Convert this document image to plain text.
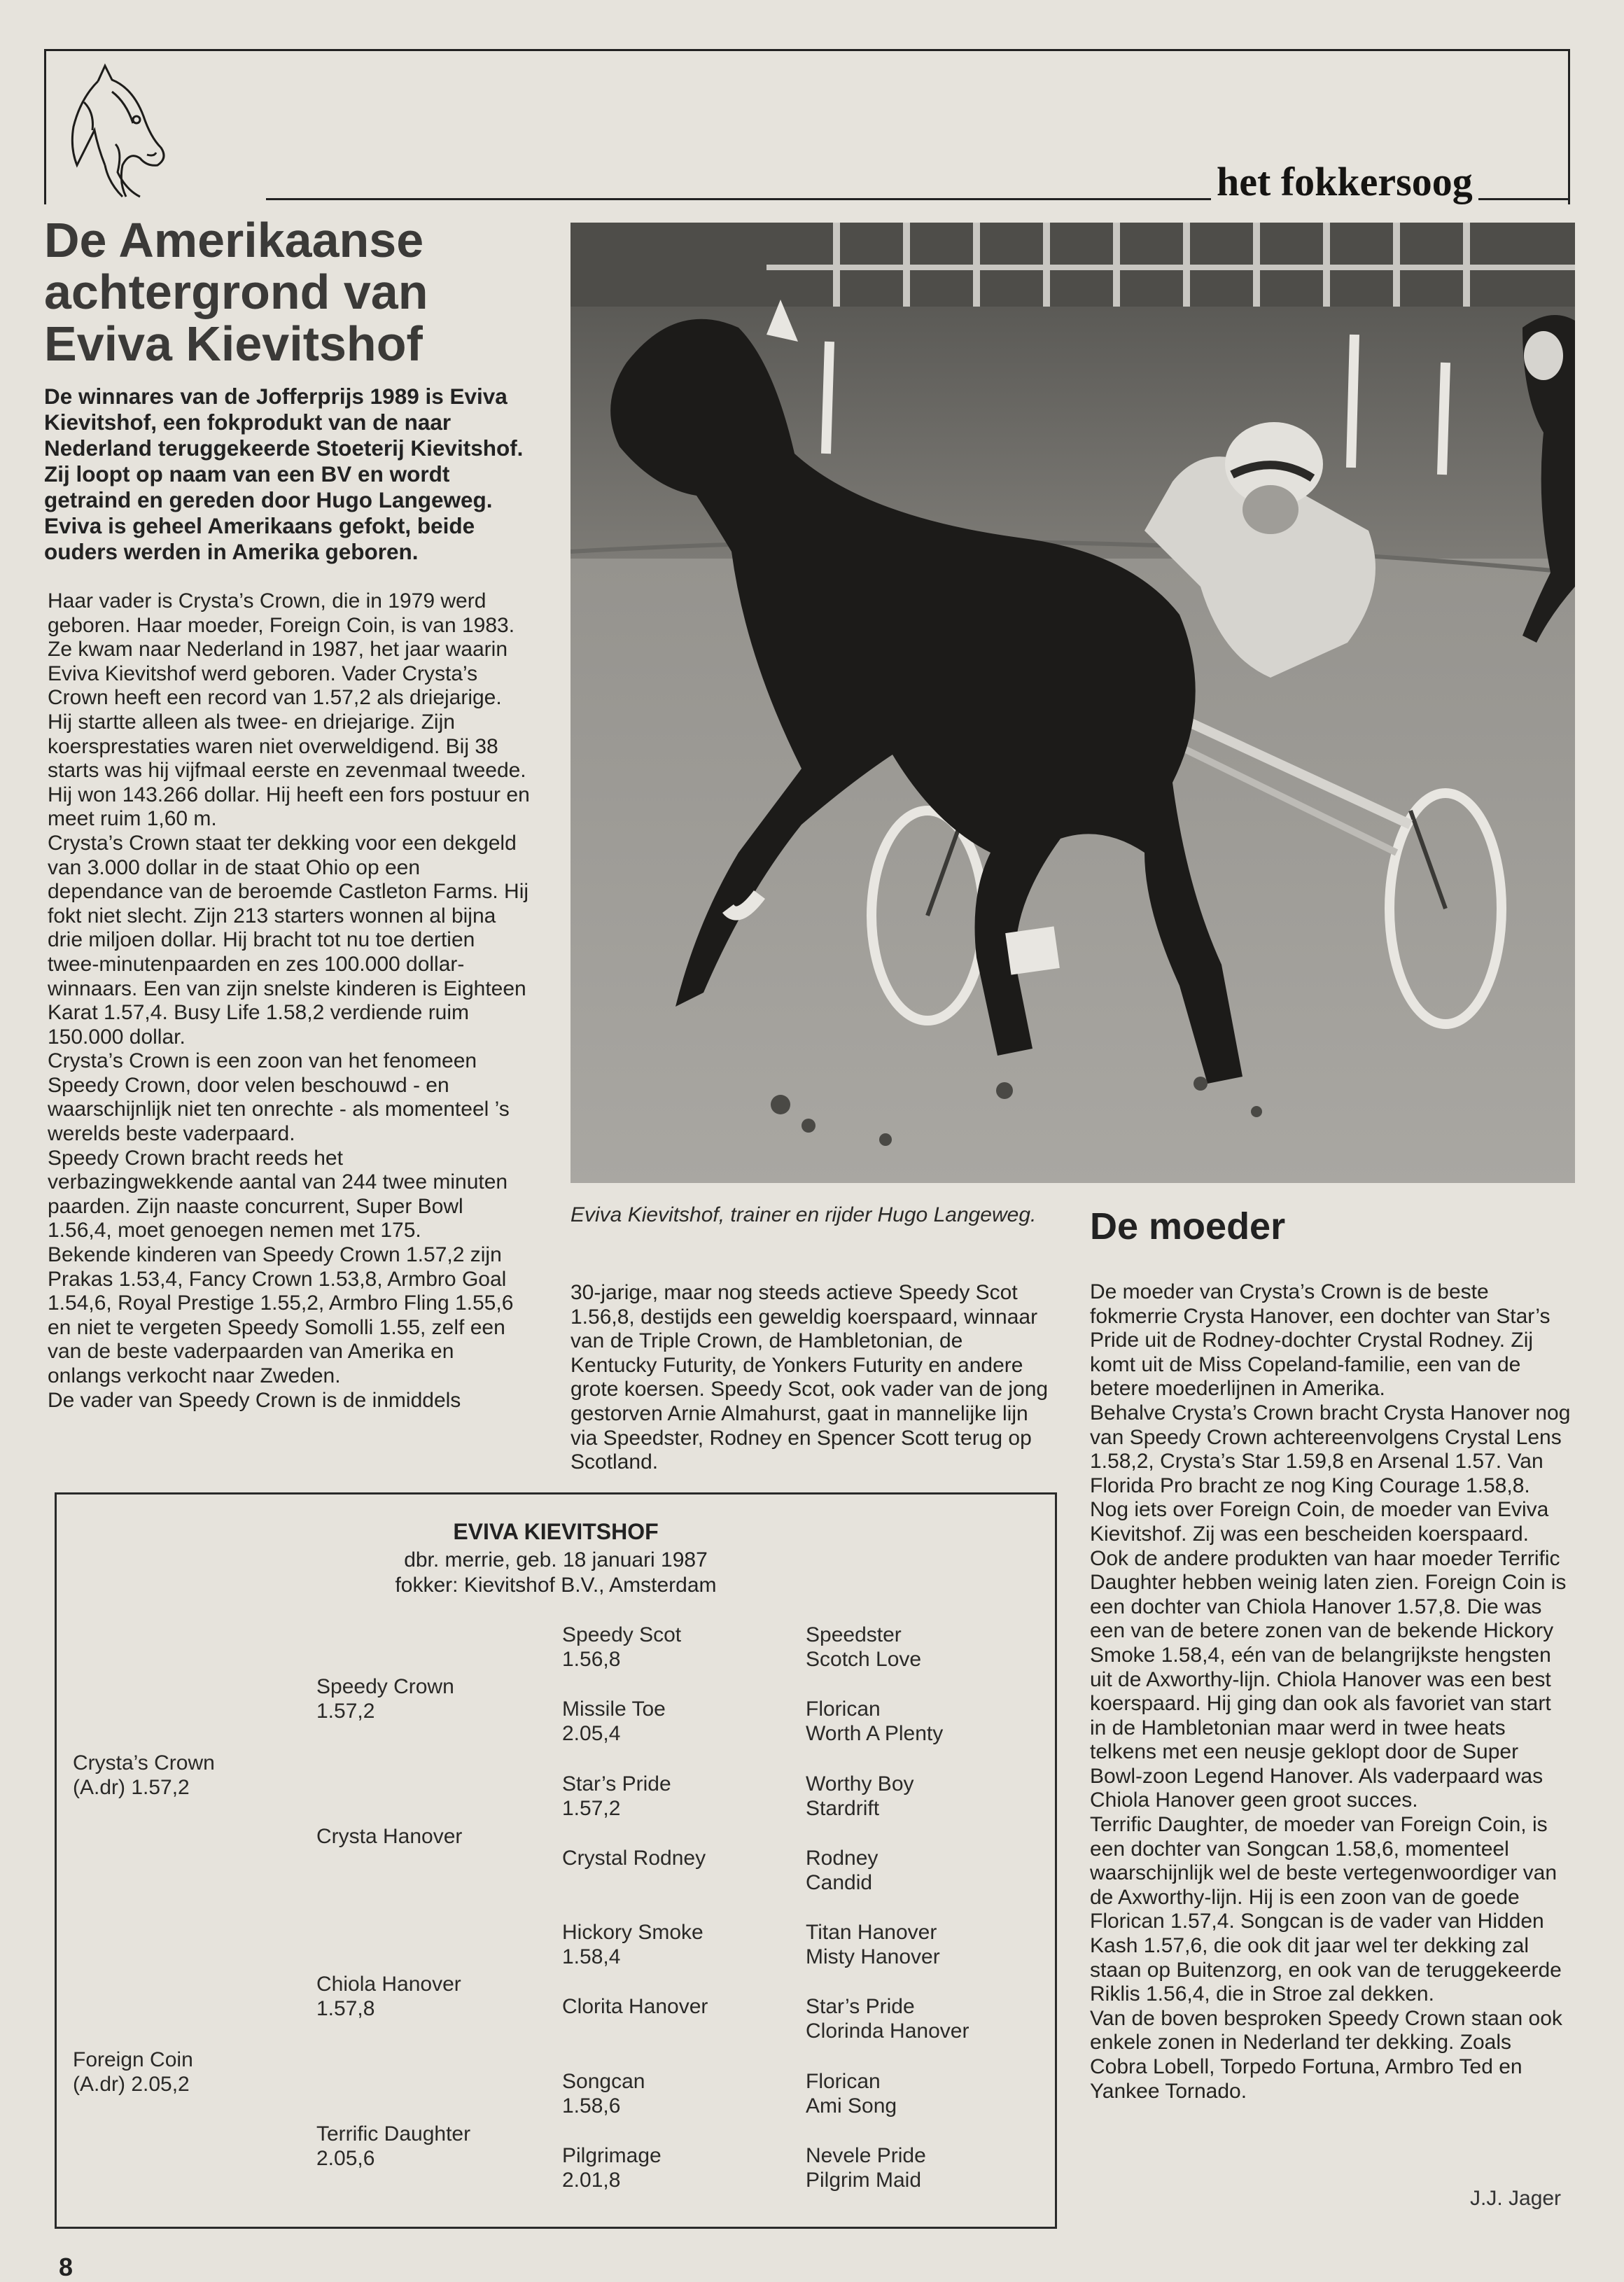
het fokkersoog
De Amerikaanse achtergrond van Eviva Kievitshof
De winnares van de Jofferprijs 1989 is Eviva Kievitshof, een fokprodukt van de naar Nederland teruggekeerde Stoeterij Kievitshof. Zij loopt op naam van een BV en wordt getraind en gereden door Hugo Langeweg. Eviva is geheel Amerikaans gefokt, beide ouders werden in Amerika geboren.
Haar vader is Crysta’s Crown, die in 1979 werd geboren. Haar moeder, Foreign Coin, is van 1983. Ze kwam naar Nederland in 1987, het jaar waarin Eviva Kievitshof werd geboren. Vader Crysta’s Crown heeft een record van 1.57,2 als driejarige. Hij startte alleen als twee- en driejarige. Zijn koersprestaties waren niet overweldigend. Bij 38 starts was hij vijfmaal eerste en zevenmaal tweede. Hij won 143.266 dollar. Hij heeft een fors postuur en meet ruim 1,60 m.
Crysta’s Crown staat ter dekking voor een dekgeld van 3.000 dollar in de staat Ohio op een dependance van de beroemde Castleton Farms. Hij fokt niet slecht. Zijn 213 starters wonnen al bijna drie miljoen dollar. Hij bracht tot nu toe dertien twee-minutenpaarden en zes 100.000 dollar-winnaars. Een van zijn snelste kinderen is Eighteen Karat 1.57,4. Busy Life 1.58,2 verdiende ruim 150.000 dollar.
Crysta’s Crown is een zoon van het fenomeen Speedy Crown, door velen beschouwd - en waarschijnlijk niet ten onrechte - als momenteel ’s werelds beste vaderpaard.
Speedy Crown bracht reeds het verbazingwekkende aantal van 244 twee minuten paarden. Zijn naaste concurrent, Super Bowl 1.56,4, moet genoegen nemen met 175.
Bekende kinderen van Speedy Crown 1.57,2 zijn Prakas 1.53,4, Fancy Crown 1.53,8, Armbro Goal 1.54,6, Royal Prestige 1.55,2, Armbro Fling 1.55,6 en niet te vergeten Speedy Somolli 1.55, zelf een van de beste vaderpaarden van Amerika en onlangs verkocht naar Zweden.
De vader van Speedy Crown is de inmiddels
Eviva Kievitshof, trainer en rijder Hugo Langeweg.
30-jarige, maar nog steeds actieve Speedy Scot 1.56,8, destijds een geweldig koerspaard, winnaar van de Triple Crown, de Hambletonian, de Kentucky Futurity, de Yonkers Futurity en andere grote koersen. Speedy Scot, ook vader van de jong gestorven Arnie Almahurst, gaat in mannelijke lijn via Speedster, Rodney en Spencer Scott terug op Scotland.
De moeder
De moeder van Crysta’s Crown is de beste fokmerrie Crysta Hanover, een dochter van Star’s Pride uit de Rodney-dochter Crystal Rodney. Zij komt uit de Miss Copeland-familie, een van de betere moederlijnen in Amerika.
Behalve Crysta’s Crown bracht Crysta Hanover nog van Speedy Crown achtereenvolgens Crystal Lens 1.58,2, Crysta’s Star 1.59,8 en Arsenal 1.57. Van Florida Pro bracht ze nog King Courage 1.58,8.
Nog iets over Foreign Coin, de moeder van Eviva Kievitshof. Zij was een bescheiden koerspaard. Ook de andere produkten van haar moeder Terrific Daughter hebben weinig laten zien. Foreign Coin is een dochter van Chiola Hanover 1.57,8. Die was een van de betere zonen van de bekende Hickory Smoke 1.58,4, eén van de belangrijkste hengsten uit de Axworthy-lijn. Chiola Hanover was een best koerspaard. Hij ging dan ook als favoriet van start in de Hambletonian maar werd in twee heats telkens met een neusje geklopt door de Super Bowl-zoon Legend Hanover. Als vaderpaard was Chiola Hanover geen groot succes.
Terrific Daughter, de moeder van Foreign Coin, is een dochter van Songcan 1.58,6, momenteel waarschijnlijk wel de beste vertegenwoordiger van de Axworthy-lijn. Hij is een zoon van de goede Florican 1.57,4. Songcan is de vader van Hidden Kash 1.57,6, die ook dit jaar wel ter dekking zal staan op Buitenzorg, en ook van de teruggekeerde Riklis 1.56,4, die in Stroe zal dekken.
Van de boven besproken Speedy Crown staan ook enkele zonen in Nederland ter dekking. Zoals Cobra Lobell, Torpedo Fortuna, Armbro Ted en Yankee Tornado.
J.J. Jager
EVIVA KIEVITSHOF
dbr. merrie, geb. 18 januari 1987
fokker: Kievitshof B.V., Amsterdam
Crysta’s Crown
(A.dr) 1.57,2
Foreign Coin
(A.dr) 2.05,2
Speedy Crown
1.57,2
Crysta Hanover
Chiola Hanover
1.57,8
Terrific Daughter
2.05,6
Speedy Scot
1.56,8
Missile Toe
2.05,4
Star’s Pride
1.57,2
Crystal Rodney
Hickory Smoke
1.58,4
Clorita Hanover
Songcan
1.58,6
Pilgrimage
2.01,8
Speedster
Scotch Love
Florican
Worth A Plenty
Worthy Boy
Stardrift
Rodney
Candid
Titan Hanover
Misty Hanover
Star’s Pride
Clorinda Hanover
Florican
Ami Song
Nevele Pride
Pilgrim Maid
8
